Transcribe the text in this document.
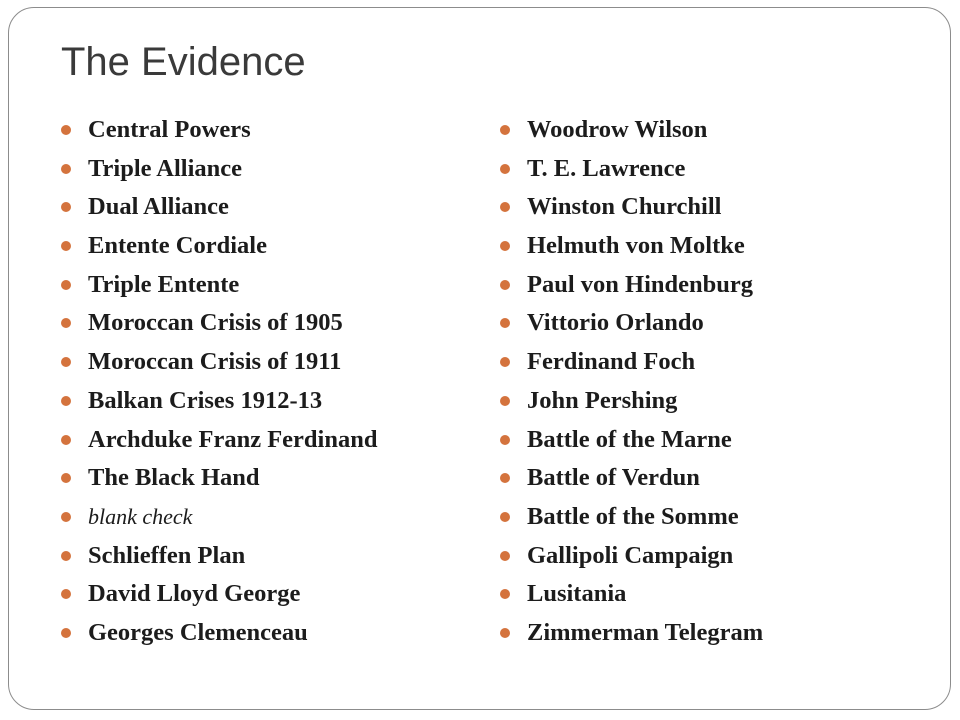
The Evidence
Central Powers
Triple Alliance
Dual Alliance
Entente Cordiale
Triple Entente
Moroccan Crisis of 1905
Moroccan Crisis of 1911
Balkan Crises 1912-13
Archduke Franz Ferdinand
The Black Hand
blank check
Schlieffen Plan
David Lloyd George
Georges Clemenceau
Woodrow Wilson
T. E. Lawrence
Winston Churchill
Helmuth von Moltke
Paul von Hindenburg
Vittorio Orlando
Ferdinand Foch
John Pershing
Battle of the Marne
Battle of Verdun
Battle of the Somme
Gallipoli Campaign
Lusitania
Zimmerman Telegram
